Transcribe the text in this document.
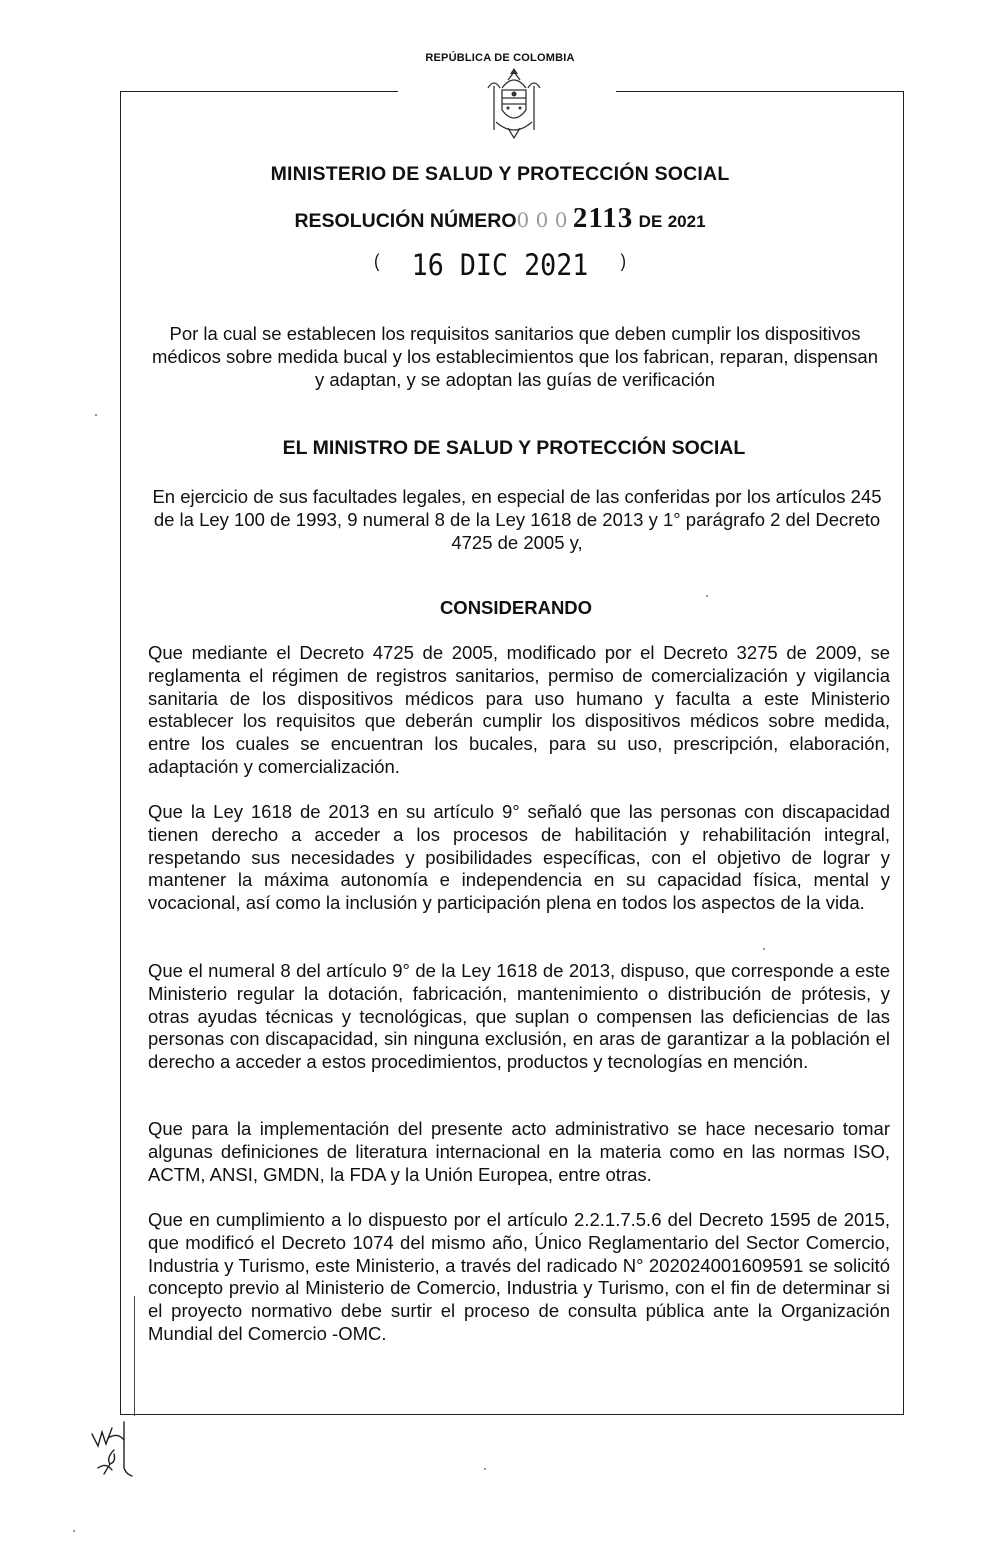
REPÚBLICA DE COLOMBIA
MINISTERIO DE SALUD Y PROTECCIÓN SOCIAL
RESOLUCIÓN NÚMERO0 0 0 2113 DE 2021
( 16 DIC 2021 )
Por la cual se establecen los requisitos sanitarios que deben cumplir los dispositivos médicos sobre medida bucal y los establecimientos que los fabrican, reparan, dispensan y adaptan, y se adoptan las guías de verificación
EL MINISTRO DE SALUD Y PROTECCIÓN SOCIAL
En ejercicio de sus facultades legales, en especial de las conferidas por los artículos 245 de la Ley 100 de 1993, 9 numeral 8 de la Ley 1618 de 2013 y 1° parágrafo 2 del Decreto 4725 de 2005 y,
CONSIDERANDO
Que mediante el Decreto 4725 de 2005, modificado por el Decreto 3275 de 2009, se reglamenta el régimen de registros sanitarios, permiso de comercialización y vigilancia sanitaria de los dispositivos médicos para uso humano y faculta a este Ministerio establecer los requisitos que deberán cumplir los dispositivos médicos sobre medida, entre los cuales se encuentran los bucales, para su uso, prescripción, elaboración, adaptación y comercialización.
Que la Ley 1618 de 2013 en su artículo 9° señaló que las personas con discapacidad tienen derecho a acceder a los procesos de habilitación y rehabilitación integral, respetando sus necesidades y posibilidades específicas, con el objetivo de lograr y mantener la máxima autonomía e independencia en su capacidad física, mental y vocacional, así como la inclusión y participación plena en todos los aspectos de la vida.
Que el numeral 8 del artículo 9° de la Ley 1618 de 2013, dispuso, que corresponde a este Ministerio regular la dotación, fabricación, mantenimiento o distribución de prótesis, y otras ayudas técnicas y tecnológicas, que suplan o compensen las deficiencias de las personas con discapacidad, sin ninguna exclusión, en aras de garantizar a la población el derecho a acceder a estos procedimientos, productos y tecnologías en mención.
Que para la implementación del presente acto administrativo se hace necesario tomar algunas definiciones de literatura internacional en la materia como en las normas ISO, ACTM, ANSI, GMDN, la FDA y la Unión Europea, entre otras.
Que en cumplimiento a lo dispuesto por el artículo 2.2.1.7.5.6 del Decreto 1595 de 2015, que modificó el Decreto 1074 del mismo año, Único Reglamentario del Sector Comercio, Industria y Turismo, este Ministerio, a través del radicado N° 202024001609591 se solicitó concepto previo al Ministerio de Comercio, Industria y Turismo, con el fin de determinar si el proyecto normativo debe surtir el proceso de consulta pública ante la Organización Mundial del Comercio -OMC.
